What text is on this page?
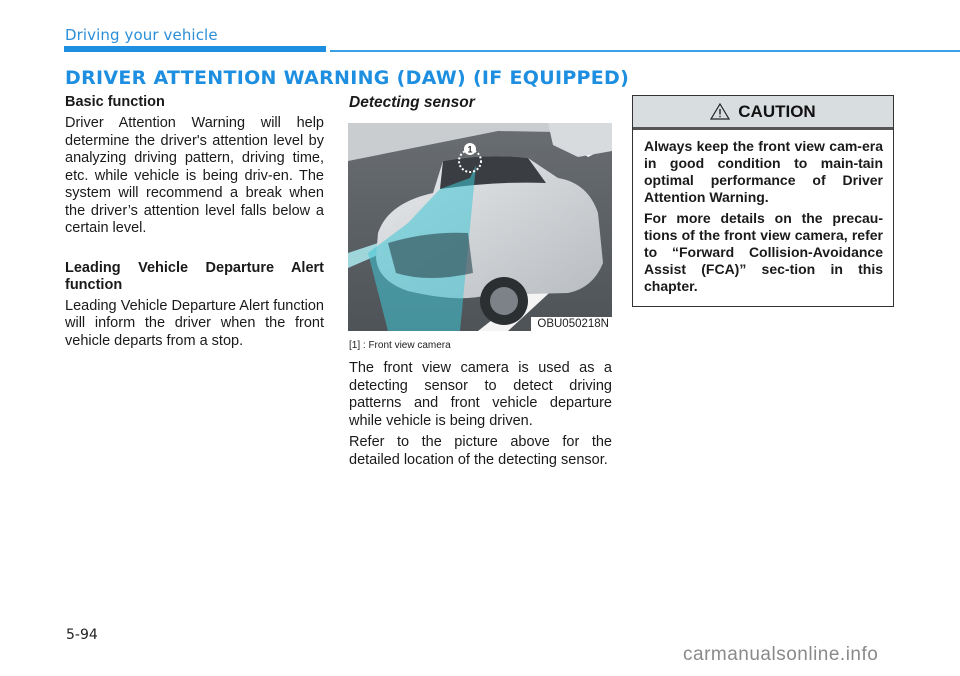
Driving your vehicle
DRIVER ATTENTION WARNING (DAW) (IF EQUIPPED)
Basic function

Driver Attention Warning will help determine the driver's attention level by analyzing driving pattern, driving time, etc. while vehicle is being driv-en. The system will recommend a break when the driver’s attention level falls below a certain level.

Leading Vehicle Departure Alert function

Leading Vehicle Departure Alert function will inform the driver when the front vehicle departs from a stop.

Detecting sensor
1
OBU050218N
[1] : Front view camera

The front view camera is used as a detecting sensor to detect driving patterns and front vehicle departure while vehicle is being driven.

Refer to the picture above for the detailed location of the detecting sensor.

CAUTION

Always keep the front view cam-era in good condition to main-tain optimal performance of Driver Attention Warning.

For more details on the precau-tions of the front view camera, refer to “Forward Collision-Avoidance Assist (FCA)” sec-tion in this chapter.

5-94
carmanualsonline.info
